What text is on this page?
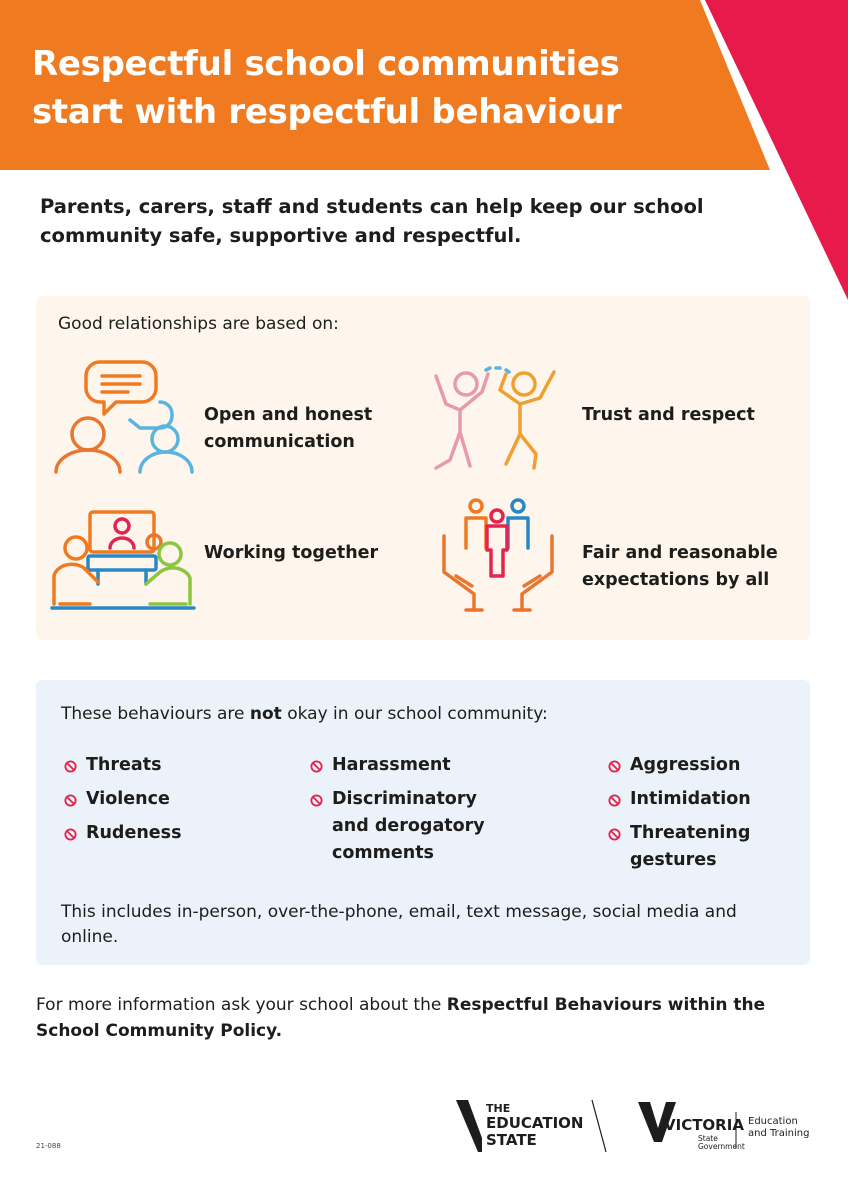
Respectful school communities
start with respectful behaviour

Parents, carers, staff and students can help keep our school community safe, supportive and respectful.

Good relationships are based on:
Open and honest
communication
Trust and respect
Working together	Fair and reasonable
expectations by all
These behaviours are not okay in our school community:
Threats
Violence
Rudeness
Harassment
Discriminatory
and derogatory
comments
Aggression
Intimidation
Threatening
gestures

This includes in-person, over-the-phone, email, text message, social media and online.

For more information ask your school about the Respectful Behaviours within the School Community Policy.

21-088
THE
EDUCATION
STATE
VICTORIA
State
Government
Education
and Training
